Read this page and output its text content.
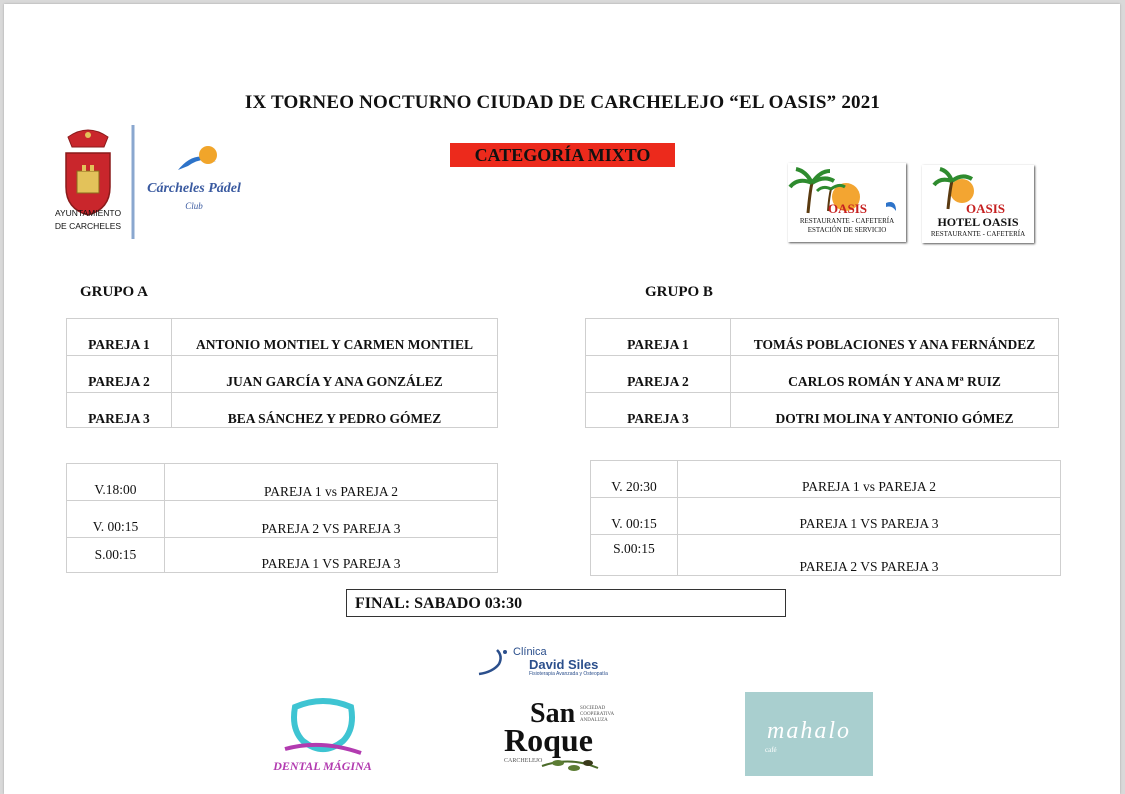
IX TORNEO NOCTURNO CIUDAD DE CARCHELEJO “EL OASIS” 2021
CATEGORÍA MIXTO
AYUNTAMIENTO
DE CARCHELES
Cárcheles Pádel
Club	OASIS
RESTAURANTE - CAFETERÍA
ESTACIÓN DE SERVICIO
OASIS
HOTEL OASIS
RESTAURANTE - CAFETERÍA
GRUPO A	GRUPO B
PAREJA 1	ANTONIO MONTIEL Y CARMEN MONTIEL
PAREJA 2	JUAN GARCÍA Y ANA GONZÁLEZ
PAREJA 3	BEA SÁNCHEZ Y PEDRO GÓMEZ
PAREJA 1	TOMÁS POBLACIONES Y ANA FERNÁNDEZ
PAREJA 2	CARLOS ROMÁN Y ANA Mª RUIZ
PAREJA 3	DOTRI MOLINA Y ANTONIO GÓMEZ
V.18:00	PAREJA 1 vs PAREJA 2
V. 00:15	PAREJA 2 VS PAREJA 3
S.00:15	PAREJA 1 VS PAREJA 3
V. 20:30	PAREJA 1 vs PAREJA 2
V. 00:15	PAREJA 1 VS PAREJA 3
S.00:15	PAREJA 2 VS PAREJA 3
FINAL: SABADO 03:30
Clínica
David Siles
Fisioterapia Avanzada y Osteopatía
DENTAL MÁGINA
San SOCIEDAD COOPERATIVA ANDALUZA
Roque
CARCHELEJO
mahalo
café
